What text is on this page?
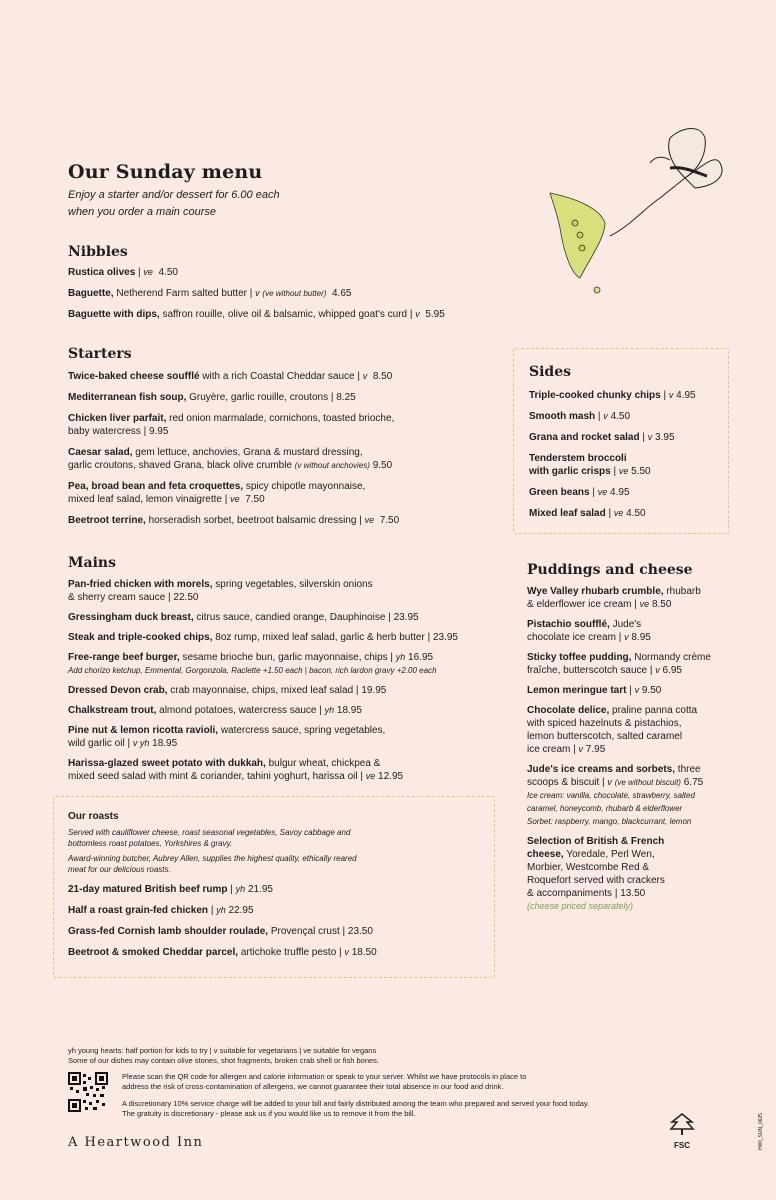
Our Sunday menu
Enjoy a starter and/or dessert for 6.00 each
when you order a main course
Nibbles

Rustica olives | ve 4.50

Baguette, Netherend Farm salted butter | v (ve without butter) 4.65

Baguette with dips, saffron rouille, olive oil & balsamic, whipped goat's curd | v 5.95

Starters

Twice-baked cheese soufflé with a rich Coastal Cheddar sauce | v 8.50

Mediterranean fish soup, Gruyère, garlic rouille, croutons | 8.25

Chicken liver parfait, red onion marmalade, cornichons, toasted brioche,
baby watercress | 9.95

Caesar salad, gem lettuce, anchovies, Grana & mustard dressing,
garlic croutons, shaved Grana, black olive crumble (v without anchovies) 9.50

Pea, broad bean and feta croquettes, spicy chipotle mayonnaise,
mixed leaf salad, lemon vinaigrette | ve 7.50

Beetroot terrine, horseradish sorbet, beetroot balsamic dressing | ve 7.50

Sides

Triple-cooked chunky chips | v 4.95

Smooth mash | v 4.50

Grana and rocket salad | v 3.95

Tenderstem broccoli
with garlic crisps | ve 5.50

Green beans | ve 4.95

Mixed leaf salad | ve 4.50

Mains

Pan-fried chicken with morels, spring vegetables, silverskin onions
& sherry cream sauce | 22.50

Gressingham duck breast, citrus sauce, candied orange, Dauphinoise | 23.95

Steak and triple-cooked chips, 8oz rump, mixed leaf salad, garlic & herb butter | 23.95

Free-range beef burger, sesame brioche bun, garlic mayonnaise, chips | yh 16.95
Add chorizo ketchup, Emmental, Gorgonzola, Raclette +1.50 each | bacon, rich lardon gravy +2.00 each

Dressed Devon crab, crab mayonnaise, chips, mixed leaf salad | 19.95

Chalkstream trout, almond potatoes, watercress sauce | yh 18.95

Pine nut & lemon ricotta ravioli, watercress sauce, spring vegetables,
wild garlic oil | v yh 18.95

Harissa-glazed sweet potato with dukkah, bulgur wheat, chickpea &
mixed seed salad with mint & coriander, tahini yoghurt, harissa oil | ve 12.95

Our roasts
Served with cauliflower cheese, roast seasonal vegetables, Savoy cabbage and
bottomless roast potatoes, Yorkshires & gravy.
Award-winning butcher, Aubrey Allen, supplies the highest quality, ethically reared
meat for our delicious roasts.

21-day matured British beef rump | yh 21.95

Half a roast grain-fed chicken | yh 22.95

Grass-fed Cornish lamb shoulder roulade, Provençal crust | 23.50

Beetroot & smoked Cheddar parcel, artichoke truffle pesto | v 18.50

Puddings and cheese

Wye Valley rhubarb crumble, rhubarb
& elderflower ice cream | ve 8.50

Pistachio soufflé, Jude's
chocolate ice cream | v 8.95

Sticky toffee pudding, Normandy crème
fraîche, butterscotch sauce | v 6.95

Lemon meringue tart | v 9.50

Chocolate delice, praline panna cotta
with spiced hazelnuts & pistachios,
lemon butterscotch, salted caramel
ice cream | v 7.95

Jude's ice creams and sorbets, three
scoops & biscuit | v (ve without biscuit) 6.75
Ice cream: vanilla, chocolate, strawberry, salted
caramel, honeycomb, rhubarb & elderflower
Sorbet: raspberry, mango, blackcurrant, lemon

Selection of British & French
cheese, Yoredale, Perl Wen,
Morbier, Westcombe Red &
Roquefort served with crackers
& accompaniments | 13.50
(cheese priced separately)

yh young hearts: half portion for kids to try | v suitable for vegetarians | ve suitable for vegans
Some of our dishes may contain olive stones, shot fragments, broken crab shell or fish bones.
Please scan the QR code for allergen and calorie information or speak to your server. Whilst we have protocols in place to
address the risk of cross-contamination of allergens, we cannot guarantee their total absence in our food and drink.
A discretionary 10% service charge will be added to your bill and fairly distributed among the team who prepared and served your food today.
The gratuity is discretionary - please ask us if you would like us to remove it from the bill.
A Heartwood Inn	FSC	HWI_SUN_0625
